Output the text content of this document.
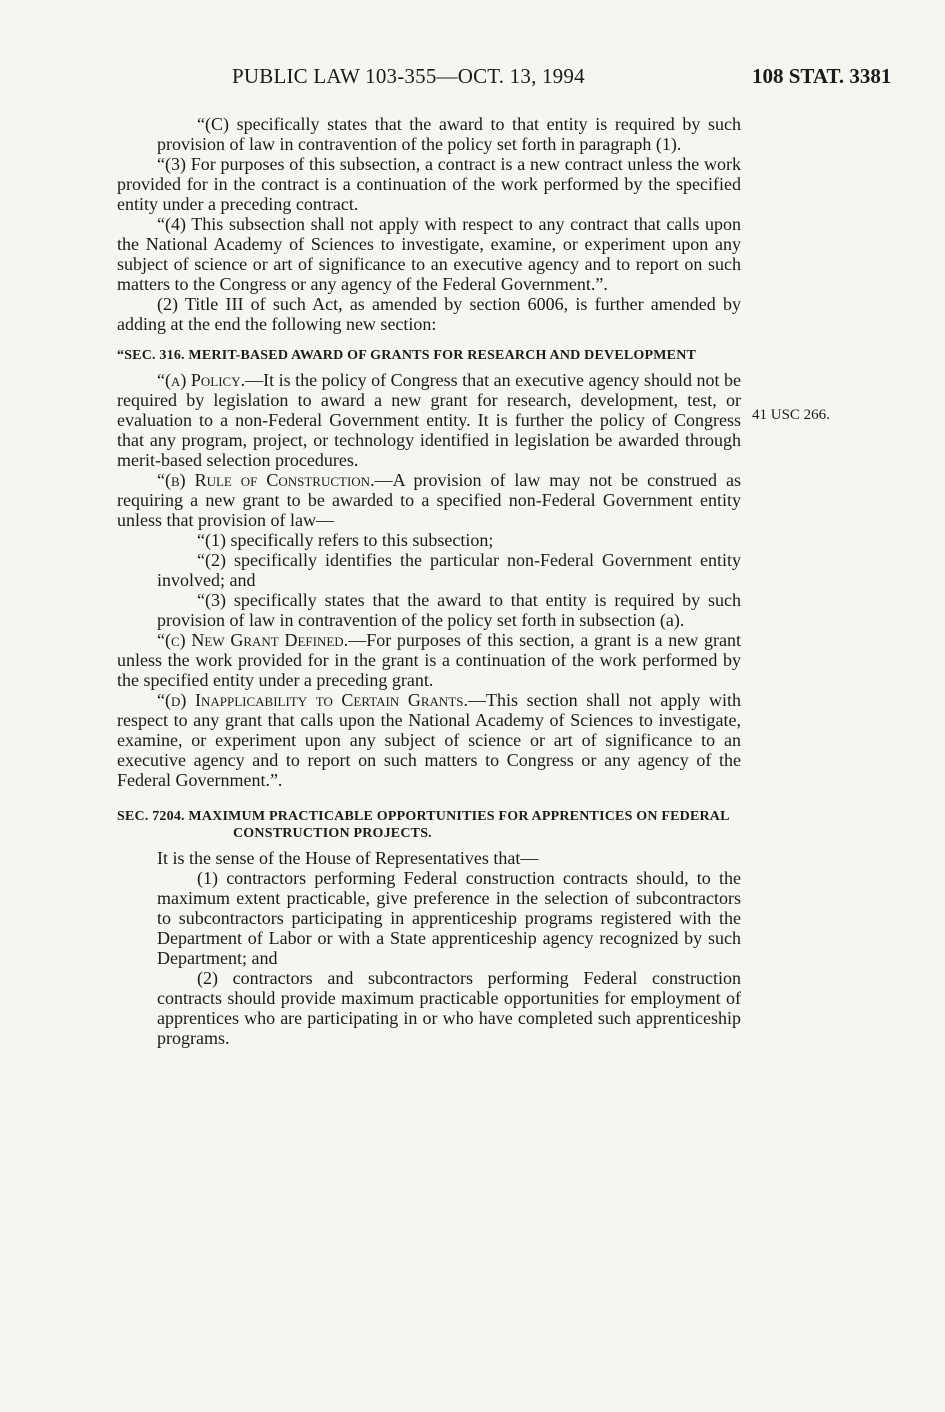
PUBLIC LAW 103-355—OCT. 13, 1994	108 STAT. 3381
41 USC 266.

“(C) specifically states that the award to that entity is required by such provision of law in contravention of the policy set forth in paragraph (1).

“(3) For purposes of this subsection, a contract is a new contract unless the work provided for in the contract is a continuation of the work performed by the specified entity under a preceding contract.

“(4) This subsection shall not apply with respect to any contract that calls upon the National Academy of Sciences to investigate, examine, or experiment upon any subject of science or art of significance to an executive agency and to report on such matters to the Congress or any agency of the Federal Government.”.

(2) Title III of such Act, as amended by section 6006, is further amended by adding at the end the following new section:

“SEC. 316. MERIT-BASED AWARD OF GRANTS FOR RESEARCH AND DEVELOPMENT

“(a) Policy.—It is the policy of Congress that an executive agency should not be required by legislation to award a new grant for research, development, test, or evaluation to a non-Federal Government entity. It is further the policy of Congress that any program, project, or technology identified in legislation be awarded through merit-based selection procedures.

“(b) Rule of Construction.—A provision of law may not be construed as requiring a new grant to be awarded to a specified non-Federal Government entity unless that provision of law—

“(1) specifically refers to this subsection;

“(2) specifically identifies the particular non-Federal Government entity involved; and

“(3) specifically states that the award to that entity is required by such provision of law in contravention of the policy set forth in subsection (a).

“(c) New Grant Defined.—For purposes of this section, a grant is a new grant unless the work provided for in the grant is a continuation of the work performed by the specified entity under a preceding grant.

“(d) Inapplicability to Certain Grants.—This section shall not apply with respect to any grant that calls upon the National Academy of Sciences to investigate, examine, or experiment upon any subject of science or art of significance to an executive agency and to report on such matters to Congress or any agency of the Federal Government.”.

SEC. 7204. MAXIMUM PRACTICABLE OPPORTUNITIES FOR APPRENTICES ON FEDERAL CONSTRUCTION PROJECTS.

It is the sense of the House of Representatives that—

(1) contractors performing Federal construction contracts should, to the maximum extent practicable, give preference in the selection of subcontractors to subcontractors participating in apprenticeship programs registered with the Department of Labor or with a State apprenticeship agency recognized by such Department; and

(2) contractors and subcontractors performing Federal construction contracts should provide maximum practicable opportunities for employment of apprentices who are participating in or who have completed such apprenticeship programs.
